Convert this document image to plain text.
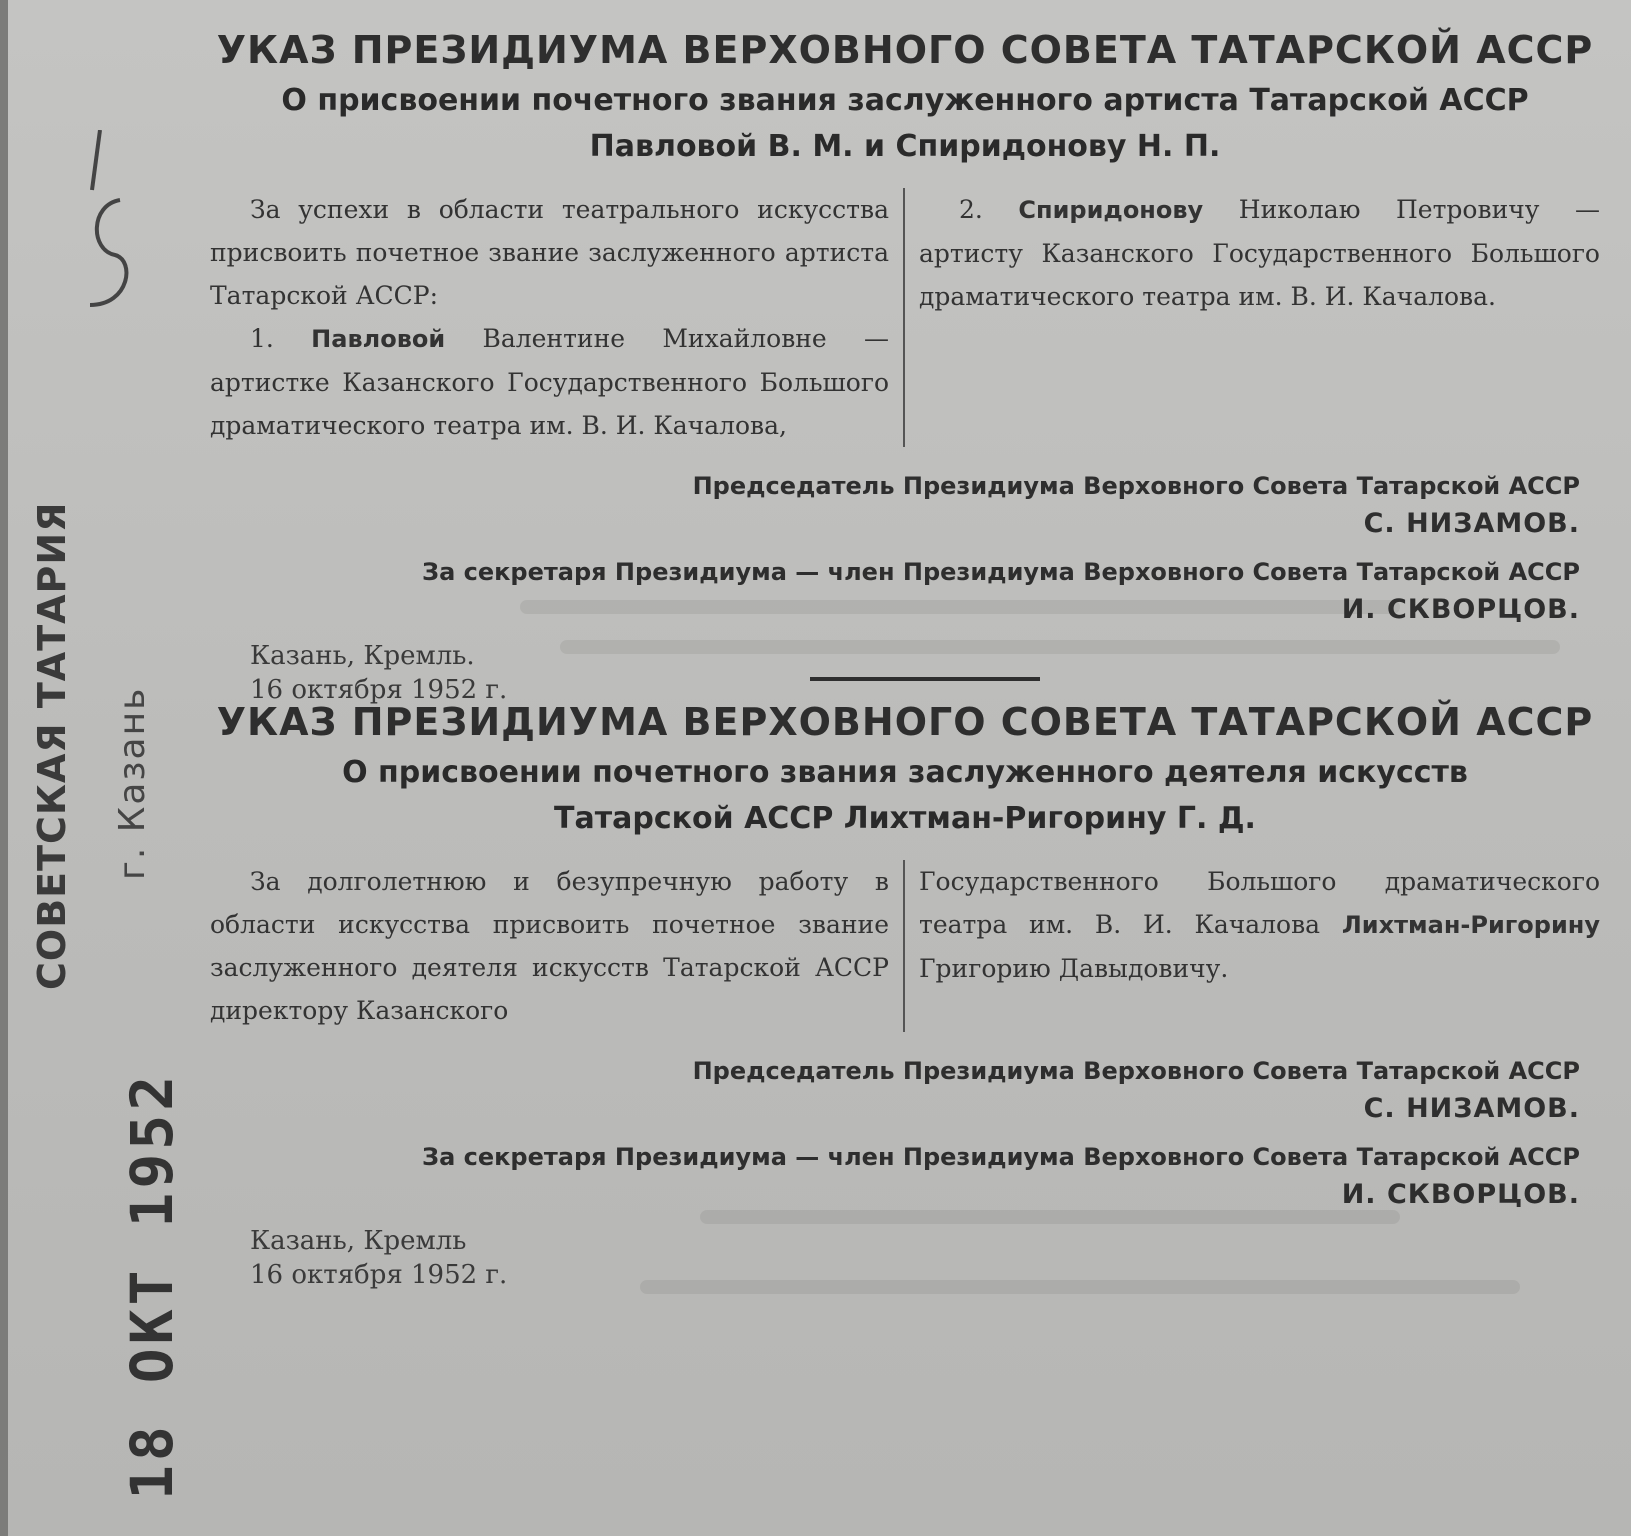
СОВЕТСКАЯ ТАТАРИЯ г. Казань
18 ОКТ 1952
УКАЗ ПРЕЗИДИУМА ВЕРХОВНОГО СОВЕТА ТАТАРСКОЙ АССР
О присвоении почетного звания заслуженного артиста Татарской АССР
Павловой В. М. и Спиридонову Н. П.

За успехи в области театрального искусства присвоить почетное звание заслуженного артиста Татарской АССР:

1. Павловой Валентине Михайловне — артистке Казанского Государственного Большого драматического театра им. В. И. Качалова,

2. Спиридонову Николаю Петровичу — артисту Казанского Государственного Большого драматического театра им. В. И. Качалова.

Председатель Президиума Верховного Совета Татарской АССР
С. НИЗАМОВ.
За секретаря Президиума — член Президиума Верховного Совета Татарской АССР
И. СКВОРЦОВ.
Казань, Кремль.
16 октября 1952 г.
УКАЗ ПРЕЗИДИУМА ВЕРХОВНОГО СОВЕТА ТАТАРСКОЙ АССР
О присвоении почетного звания заслуженного деятеля искусств
Татарской АССР Лихтман-Ригорину Г. Д.

За долголетнюю и безупречную работу в области искусства присвоить почетное звание заслуженного деятеля искусств Татарской АССР директору Казанского

Государственного Большого драматического театра им. В. И. Качалова Лихтман-Ригорину Григорию Давыдовичу.

Председатель Президиума Верховного Совета Татарской АССР
С. НИЗАМОВ.
За секретаря Президиума — член Президиума Верховного Совета Татарской АССР
И. СКВОРЦОВ.
Казань, Кремль
16 октября 1952 г.
